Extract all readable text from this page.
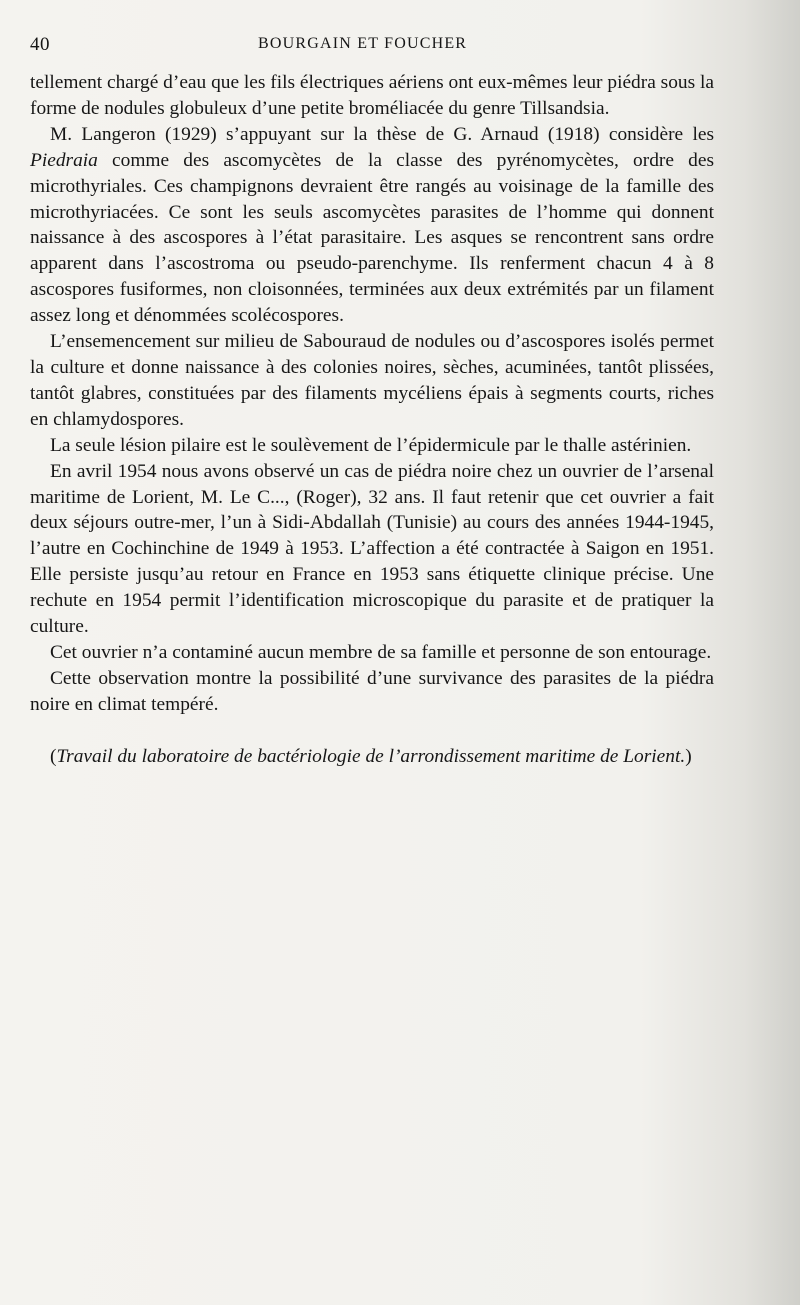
40	BOURGAIN ET FOUCHER

tellement chargé d’eau que les fils électriques aériens ont eux-mêmes leur piédra sous la forme de nodules globuleux d’une petite broméliacée du genre Tillsandsia.

M. Langeron (1929) s’appuyant sur la thèse de G. Arnaud (1918) considère les Piedraia comme des ascomycètes de la classe des pyrénomycètes, ordre des microthyriales. Ces champignons devraient être rangés au voisinage de la famille des microthyriacées. Ce sont les seuls ascomycètes parasites de l’homme qui donnent naissance à des ascospores à l’état parasitaire. Les asques se rencontrent sans ordre apparent dans l’ascostroma ou pseudo-parenchyme. Ils renferment chacun 4 à 8 ascospores fusiformes, non cloisonnées, terminées aux deux extrémités par un filament assez long et dénommées scolécospores.

L’ensemencement sur milieu de Sabouraud de nodules ou d’ascospores isolés permet la culture et donne naissance à des colonies noires, sèches, acuminées, tantôt plissées, tantôt glabres, constituées par des filaments mycéliens épais à segments courts, riches en chlamydospores.

La seule lésion pilaire est le soulèvement de l’épidermicule par le thalle astérinien.

En avril 1954 nous avons observé un cas de piédra noire chez un ouvrier de l’arsenal maritime de Lorient, M. Le C..., (Roger), 32 ans. Il faut retenir que cet ouvrier a fait deux séjours outre-mer, l’un à Sidi-Abdallah (Tunisie) au cours des années 1944-1945, l’autre en Cochinchine de 1949 à 1953. L’affection a été contractée à Saigon en 1951. Elle persiste jusqu’au retour en France en 1953 sans étiquette clinique précise. Une rechute en 1954 permit l’identification microscopique du parasite et de pratiquer la culture.

Cet ouvrier n’a contaminé aucun membre de sa famille et personne de son entourage.

Cette observation montre la possibilité d’une survivance des parasites de la piédra noire en climat tempéré.

(Travail du laboratoire de bactériologie de l’arrondissement maritime de Lorient.)
